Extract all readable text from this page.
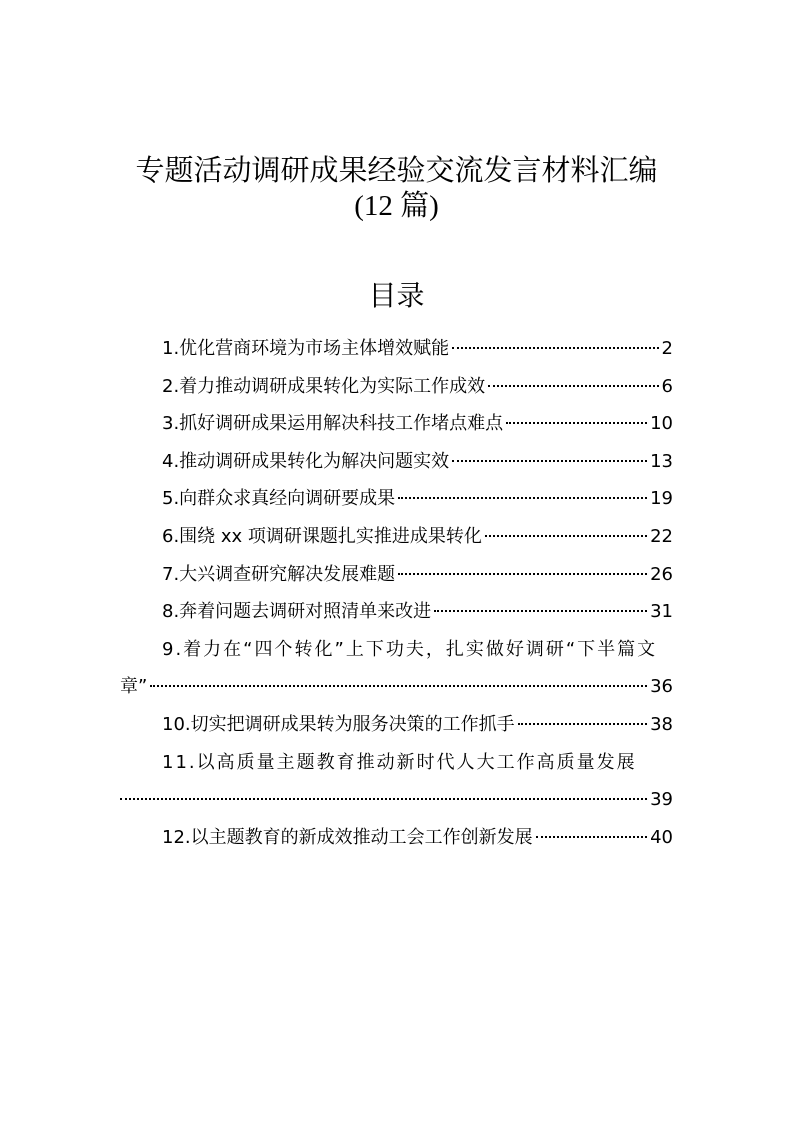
专题活动调研成果经验交流发言材料汇编
(12 篇)
目录
1.优化营商环境为市场主体增效赋能	2
2.着力推动调研成果转化为实际工作成效	6
3.抓好调研成果运用解决科技工作堵点难点	10
4.推动调研成果转化为解决问题实效	13
5.向群众求真经向调研要成果	19
6.围绕 xx 项调研课题扎实推进成果转化	22
7.大兴调查研究解决发展难题	26
8.奔着问题去调研对照清单来改进	31
9.着力在“四个转化”上下功夫，扎实做好调研“下半篇文
章”	36
10.切实把调研成果转为服务决策的工作抓手	38
11.以高质量主题教育推动新时代人大工作高质量发展
39
12.以主题教育的新成效推动工会工作创新发展	40
